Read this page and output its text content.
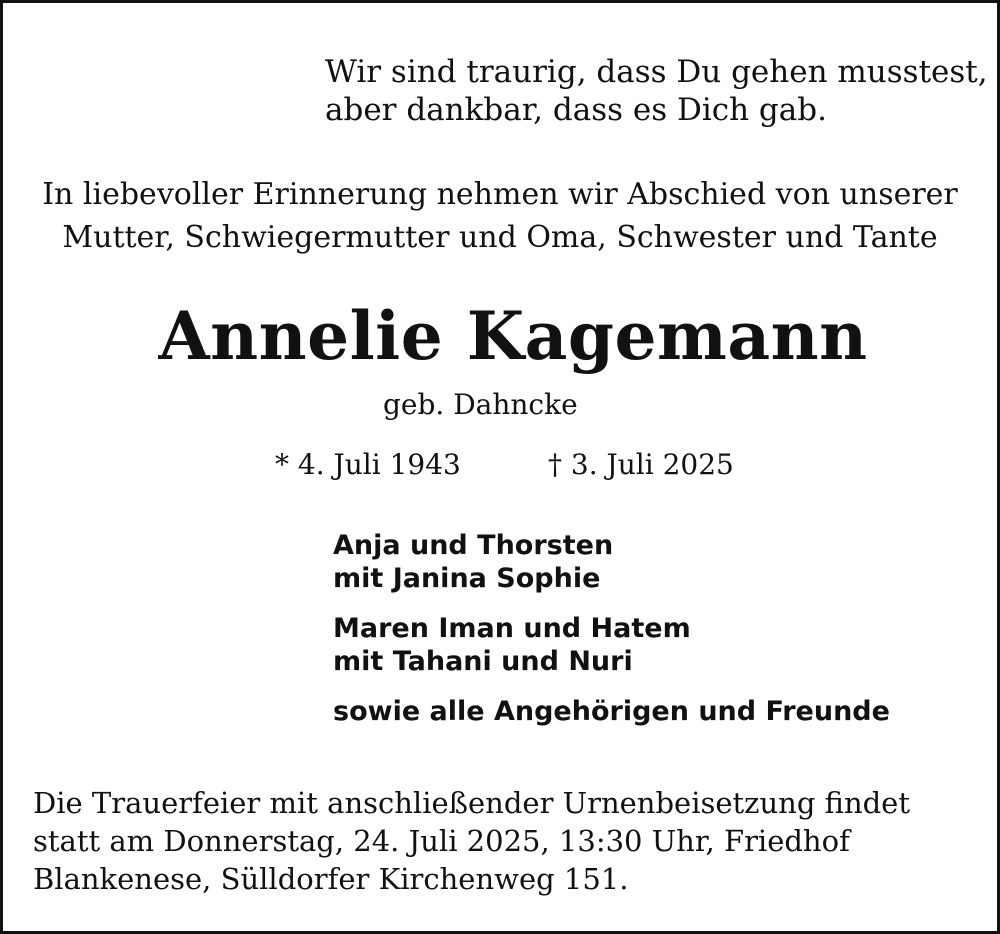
Wir sind traurig, dass Du gehen musstest,
aber dankbar, dass es Dich gab.
In liebevoller Erinnerung nehmen wir Abschied von unserer
Mutter, Schwiegermutter und Oma, Schwester und Tante
Annelie Kagemann
geb. Dahncke
* 4. Juli 1943	† 3. Juli 2025
Anja und Thorsten
mit Janina Sophie
Maren Iman und Hatem
mit Tahani und Nuri
sowie alle Angehörigen und Freunde
Die Trauerfeier mit anschließender Urnenbeisetzung findet
statt am Donnerstag, 24. Juli 2025, 13:30 Uhr, Friedhof
Blankenese, Sülldorfer Kirchenweg 151.
